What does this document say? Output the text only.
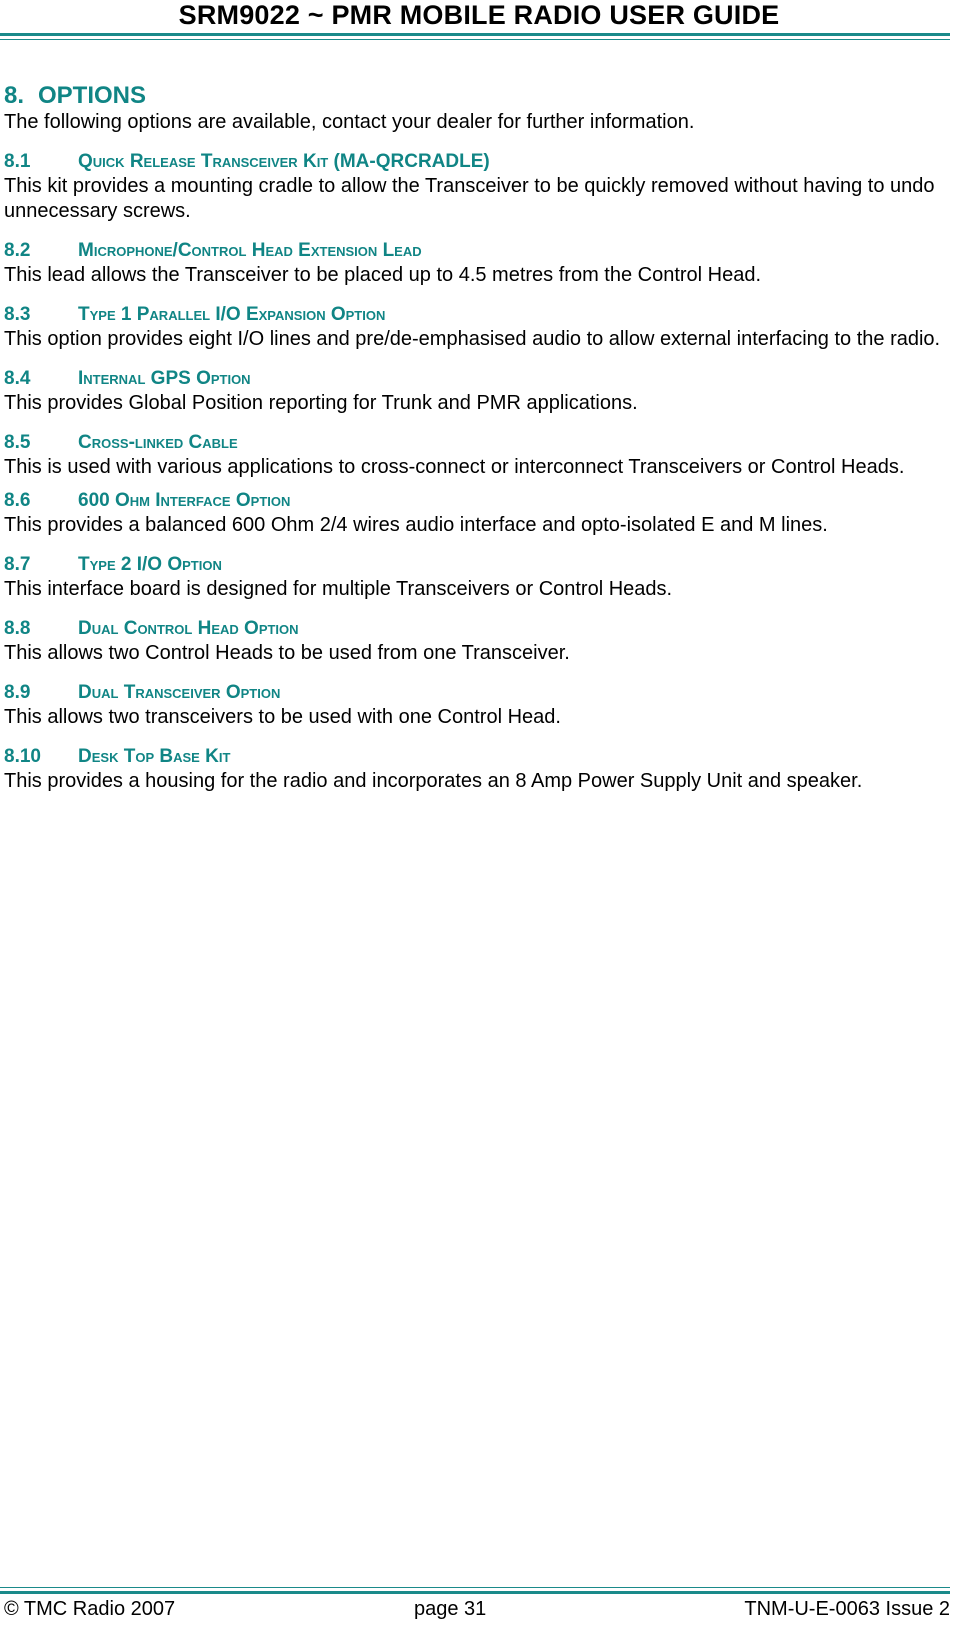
SRM9022 ~ PMR MOBILE RADIO USER GUIDE
8. OPTIONS

The following options are available, contact your dealer for further information.

8.1	Quick Release Transceiver Kit (MA-QRCRADLE)

This kit provides a mounting cradle to allow the Transceiver to be quickly removed without having to undo unnecessary screws.

8.2	Microphone/Control Head Extension Lead

This lead allows the Transceiver to be placed up to 4.5 metres from the Control Head.

8.3	Type 1 Parallel I/O Expansion Option

This option provides eight I/O lines and pre/de-emphasised audio to allow external interfacing to the radio.

8.4	Internal GPS Option

This provides Global Position reporting for Trunk and PMR applications.

8.5	Cross-linked Cable

This is used with various applications to cross-connect or interconnect Transceivers or Control Heads.

8.6	600 Ohm Interface Option

This provides a balanced 600 Ohm 2/4 wires audio interface and opto-isolated E and M lines.

8.7	Type 2 I/O Option

This interface board is designed for multiple Transceivers or Control Heads.

8.8	Dual Control Head Option

This allows two Control Heads to be used from one Transceiver.

8.9	Dual Transceiver Option

This allows two transceivers to be used with one Control Head.

8.10 Desk Top Base Kit

This provides a housing for the radio and incorporates an 8 Amp Power Supply Unit and speaker.

© TMC Radio 2007	page 31	TNM-U-E-0063 Issue 2
